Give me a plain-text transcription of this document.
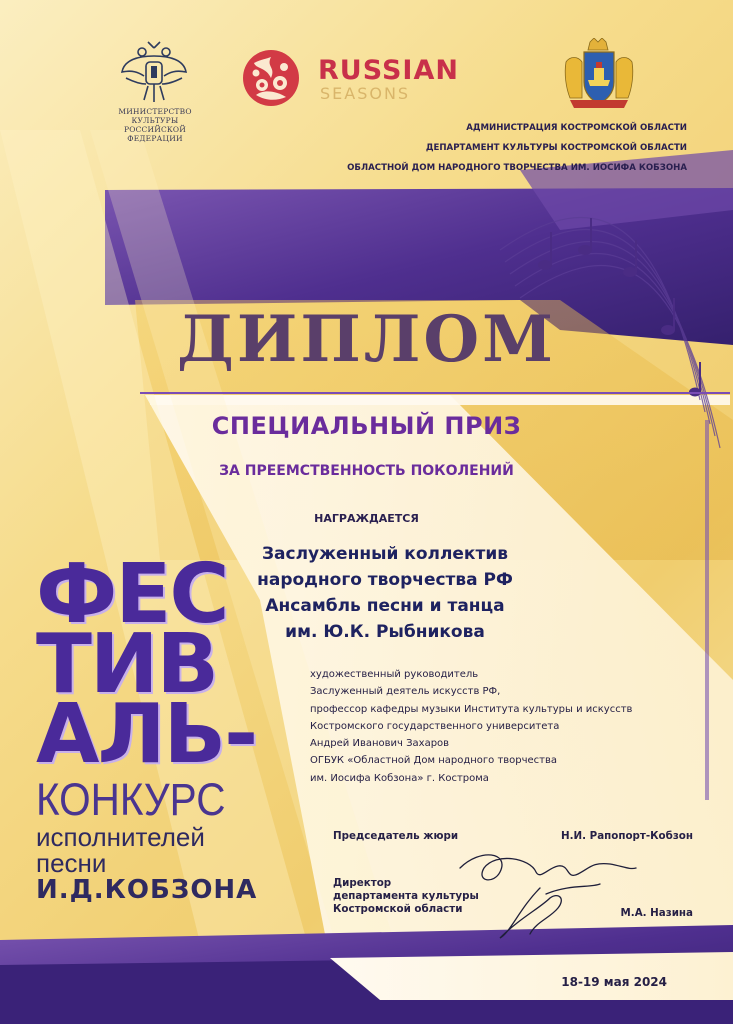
МИНИСТЕРСТВО КУЛЬТУРЫ
РОССИЙСКОЙ ФЕДЕРАЦИИ
RUSSIAN
SEASONS
АДМИНИСТРАЦИЯ КОСТРОМСКОЙ ОБЛАСТИ
ДЕПАРТАМЕНТ КУЛЬТУРЫ КОСТРОМСКОЙ ОБЛАСТИ
ОБЛАСТНОЙ ДОМ НАРОДНОГО ТВОРЧЕСТВА ИМ. ИОСИФА КОБЗОНА
ДИПЛОМ
СПЕЦИАЛЬНЫЙ ПРИЗ
ЗА ПРЕЕМСТВЕННОСТЬ ПОКОЛЕНИЙ
НАГРАЖДАЕТСЯ
Заслуженный коллектив
народного творчества РФ
Ансамбль песни и танца
им. Ю.К. Рыбникова
художественный руководитель
Заслуженный деятель искусств РФ,
профессор кафедры музыки Института культуры и искусств
Костромского государственного университета
Андрей Иванович Захаров
ОГБУК «Областной Дом народного творчества
им. Иосифа Кобзона» г. Кострома
ФЕС
ТИВ
АЛЬ-
КОНКУРС
исполнителей
песни И.Д.КОБЗОНА
Председатель жюри	Н.И. Рапопорт-Кобзон
Директор
департамента культуры
Костромской области	М.А. Назина
18-19 мая 2024
